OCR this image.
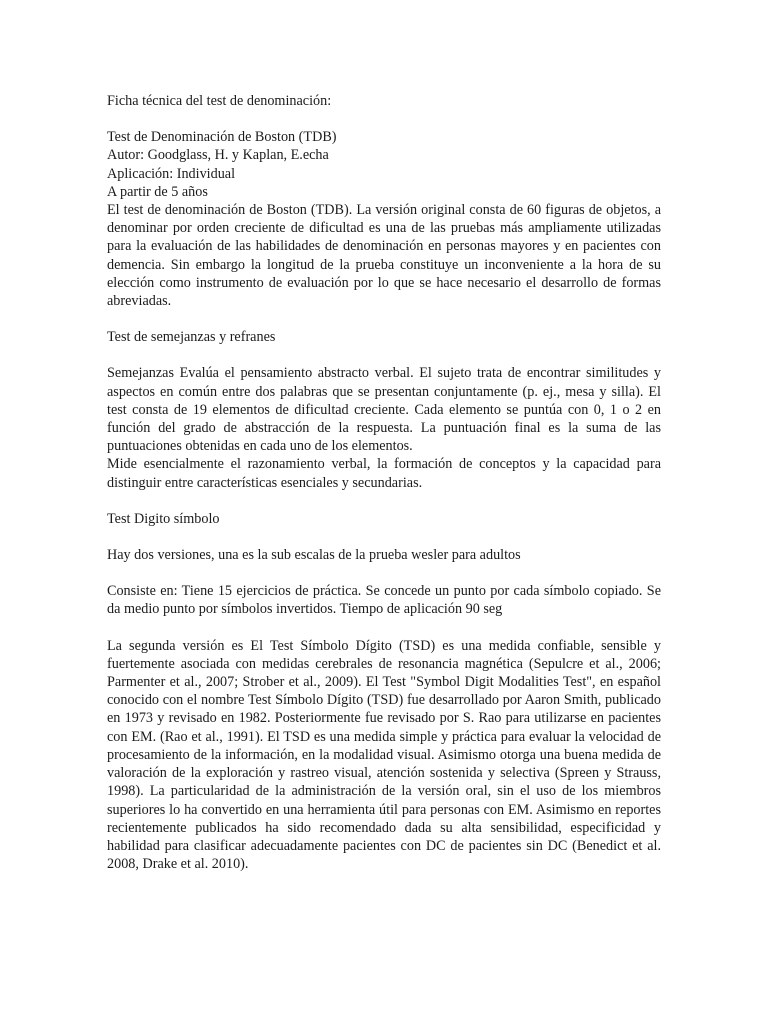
Ficha técnica del test de denominación:

Test de Denominación de Boston (TDB)

Autor: Goodglass, H. y Kaplan, E.echa

Aplicación: Individual

A partir de 5 años

El test de denominación de Boston (TDB). La versión original consta de 60 figuras de objetos, a denominar por orden creciente de dificultad es una de las pruebas más ampliamente utilizadas para la evaluación de las habilidades de denominación en personas mayores y en pacientes con demencia. Sin embargo la longitud de la prueba constituye un inconveniente a la hora de su elección como instrumento de evaluación por lo que se hace necesario el desarrollo de formas abreviadas.

Test de semejanzas y refranes

Semejanzas Evalúa el pensamiento abstracto verbal. El sujeto trata de encontrar similitudes y aspectos en común entre dos palabras que se presentan conjuntamente (p. ej., mesa y silla). El test consta de 19 elementos de dificultad creciente. Cada elemento se puntúa con 0, 1 o 2 en función del grado de abstracción de la respuesta. La puntuación final es la suma de las puntuaciones obtenidas en cada uno de los elementos.

Mide esencialmente el razonamiento verbal, la formación de conceptos y la capacidad para distinguir entre características esenciales y secundarias.

Test Digito símbolo

Hay dos versiones, una es la sub escalas de la prueba wesler para adultos

Consiste en: Tiene 15 ejercicios de práctica. Se concede un punto por cada símbolo copiado. Se da medio punto por símbolos invertidos. Tiempo de aplicación 90 seg

La segunda versión es El Test Símbolo Dígito (TSD) es una medida confiable, sensible y fuertemente asociada con medidas cerebrales de resonancia magnética (Sepulcre et al., 2006; Parmenter et al., 2007; Strober et al., 2009). El Test "Symbol Digit Modalities Test", en español conocido con el nombre Test Símbolo Dígito (TSD) fue desarrollado por Aaron Smith, publicado en 1973 y revisado en 1982. Posteriormente fue revisado por S. Rao para utilizarse en pacientes con EM. (Rao et al., 1991). El TSD es una medida simple y práctica para evaluar la velocidad de procesamiento de la información, en la modalidad visual. Asimismo otorga una buena medida de valoración de la exploración y rastreo visual, atención sostenida y selectiva (Spreen y Strauss, 1998). La particularidad de la administración de la versión oral, sin el uso de los miembros superiores lo ha convertido en una herramienta útil para personas con EM. Asimismo en reportes recientemente publicados ha sido recomendado dada su alta sensibilidad, especificidad y habilidad para clasificar adecuadamente pacientes con DC de pacientes sin DC (Benedict et al. 2008, Drake et al. 2010).
